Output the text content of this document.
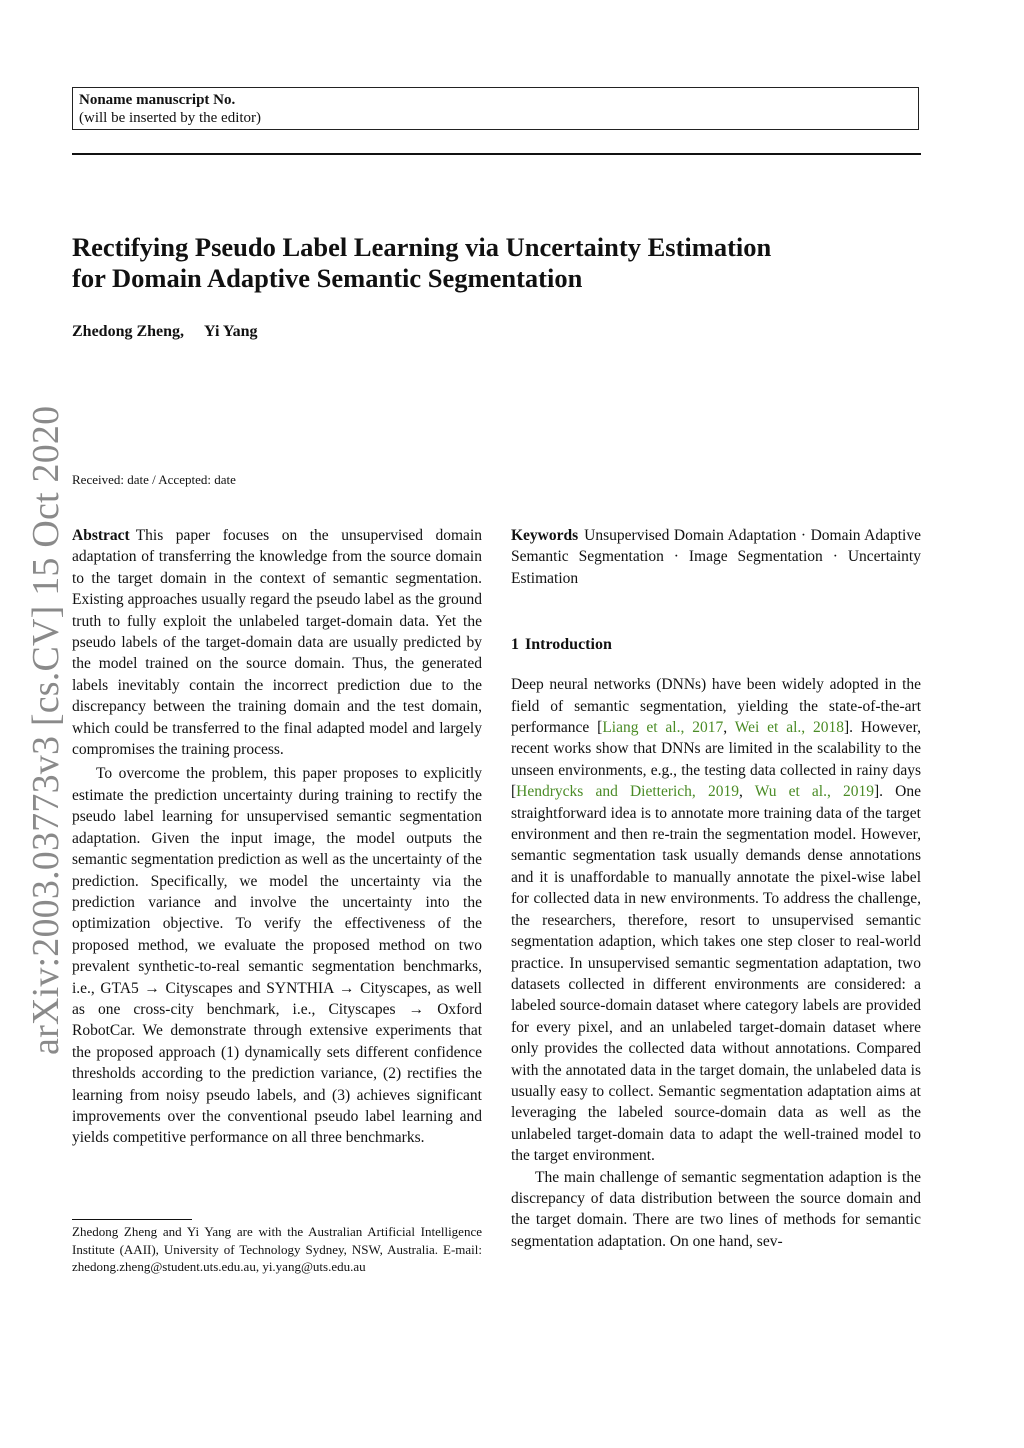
Noname manuscript No.
(will be inserted by the editor)
Rectifying Pseudo Label Learning via Uncertainty Estimation
for Domain Adaptive Semantic Segmentation
Zhedong Zheng, Yi Yang
Received: date / Accepted: date
arXiv:2003.03773v3 [cs.CV] 15 Oct 2020 Abstract This paper focuses on the unsupervised domain adaptation of transferring the knowledge from the source domain to the target domain in the context of semantic segmentation. Existing approaches usually regard the pseudo label as the ground truth to fully exploit the unlabeled target-domain data. Yet the pseudo labels of the target-domain data are usually predicted by the model trained on the source domain. Thus, the generated labels inevitably contain the incorrect prediction due to the discrepancy between the training domain and the test domain, which could be transferred to the final adapted model and largely compromises the training process.

To overcome the problem, this paper proposes to explicitly estimate the prediction uncertainty during training to rectify the pseudo label learning for unsupervised semantic segmentation adaptation. Given the input image, the model outputs the semantic segmentation prediction as well as the uncertainty of the prediction. Specifically, we model the uncertainty via the prediction variance and involve the uncertainty into the optimization objective. To verify the effectiveness of the proposed method, we evaluate the proposed method on two prevalent synthetic-to-real semantic segmentation benchmarks, i.e., GTA5 → Cityscapes and SYNTHIA → Cityscapes, as well as one cross-city benchmark, i.e., Cityscapes → Oxford RobotCar. We demonstrate through extensive experiments that the proposed approach (1) dynamically sets different confidence thresholds according to the prediction variance, (2) rectifies the learning from noisy pseudo labels, and (3) achieves significant improvements over the conventional pseudo label learning and yields competitive performance on all three benchmarks.

Keywords Unsupervised Domain Adaptation · Domain Adaptive Semantic Segmentation · Image Segmentation · Uncertainty Estimation

1 Introduction

Deep neural networks (DNNs) have been widely adopted in the field of semantic segmentation, yielding the state-of-the-art performance [Liang et al., 2017, Wei et al., 2018]. However, recent works show that DNNs are limited in the scalability to the unseen environments, e.g., the testing data collected in rainy days [Hendrycks and Dietterich, 2019, Wu et al., 2019]. One straightforward idea is to annotate more training data of the target environment and then re-train the segmentation model. However, semantic segmentation task usually demands dense annotations and it is unaffordable to manually annotate the pixel-wise label for collected data in new environments. To address the challenge, the researchers, therefore, resort to unsupervised semantic segmentation adaption, which takes one step closer to real-world practice. In unsupervised semantic segmentation adaptation, two datasets collected in different environments are considered: a labeled source-domain dataset where category labels are provided for every pixel, and an unlabeled target-domain dataset where only provides the collected data without annotations. Compared with the annotated data in the target domain, the unlabeled data is usually easy to collect. Semantic segmentation adaptation aims at leveraging the labeled source-domain data as well as the unlabeled target-domain data to adapt the well-trained model to the target environment.

The main challenge of semantic segmentation adaption is the discrepancy of data distribution between the source domain and the target domain. There are two lines of methods for semantic segmentation adaptation. On one hand, sev-

Zhedong Zheng and Yi Yang are with the Australian Artificial Intelligence Institute (AAII), University of Technology Sydney, NSW, Australia. E-mail: zhedong.zheng@student.uts.edu.au, yi.yang@uts.edu.au
